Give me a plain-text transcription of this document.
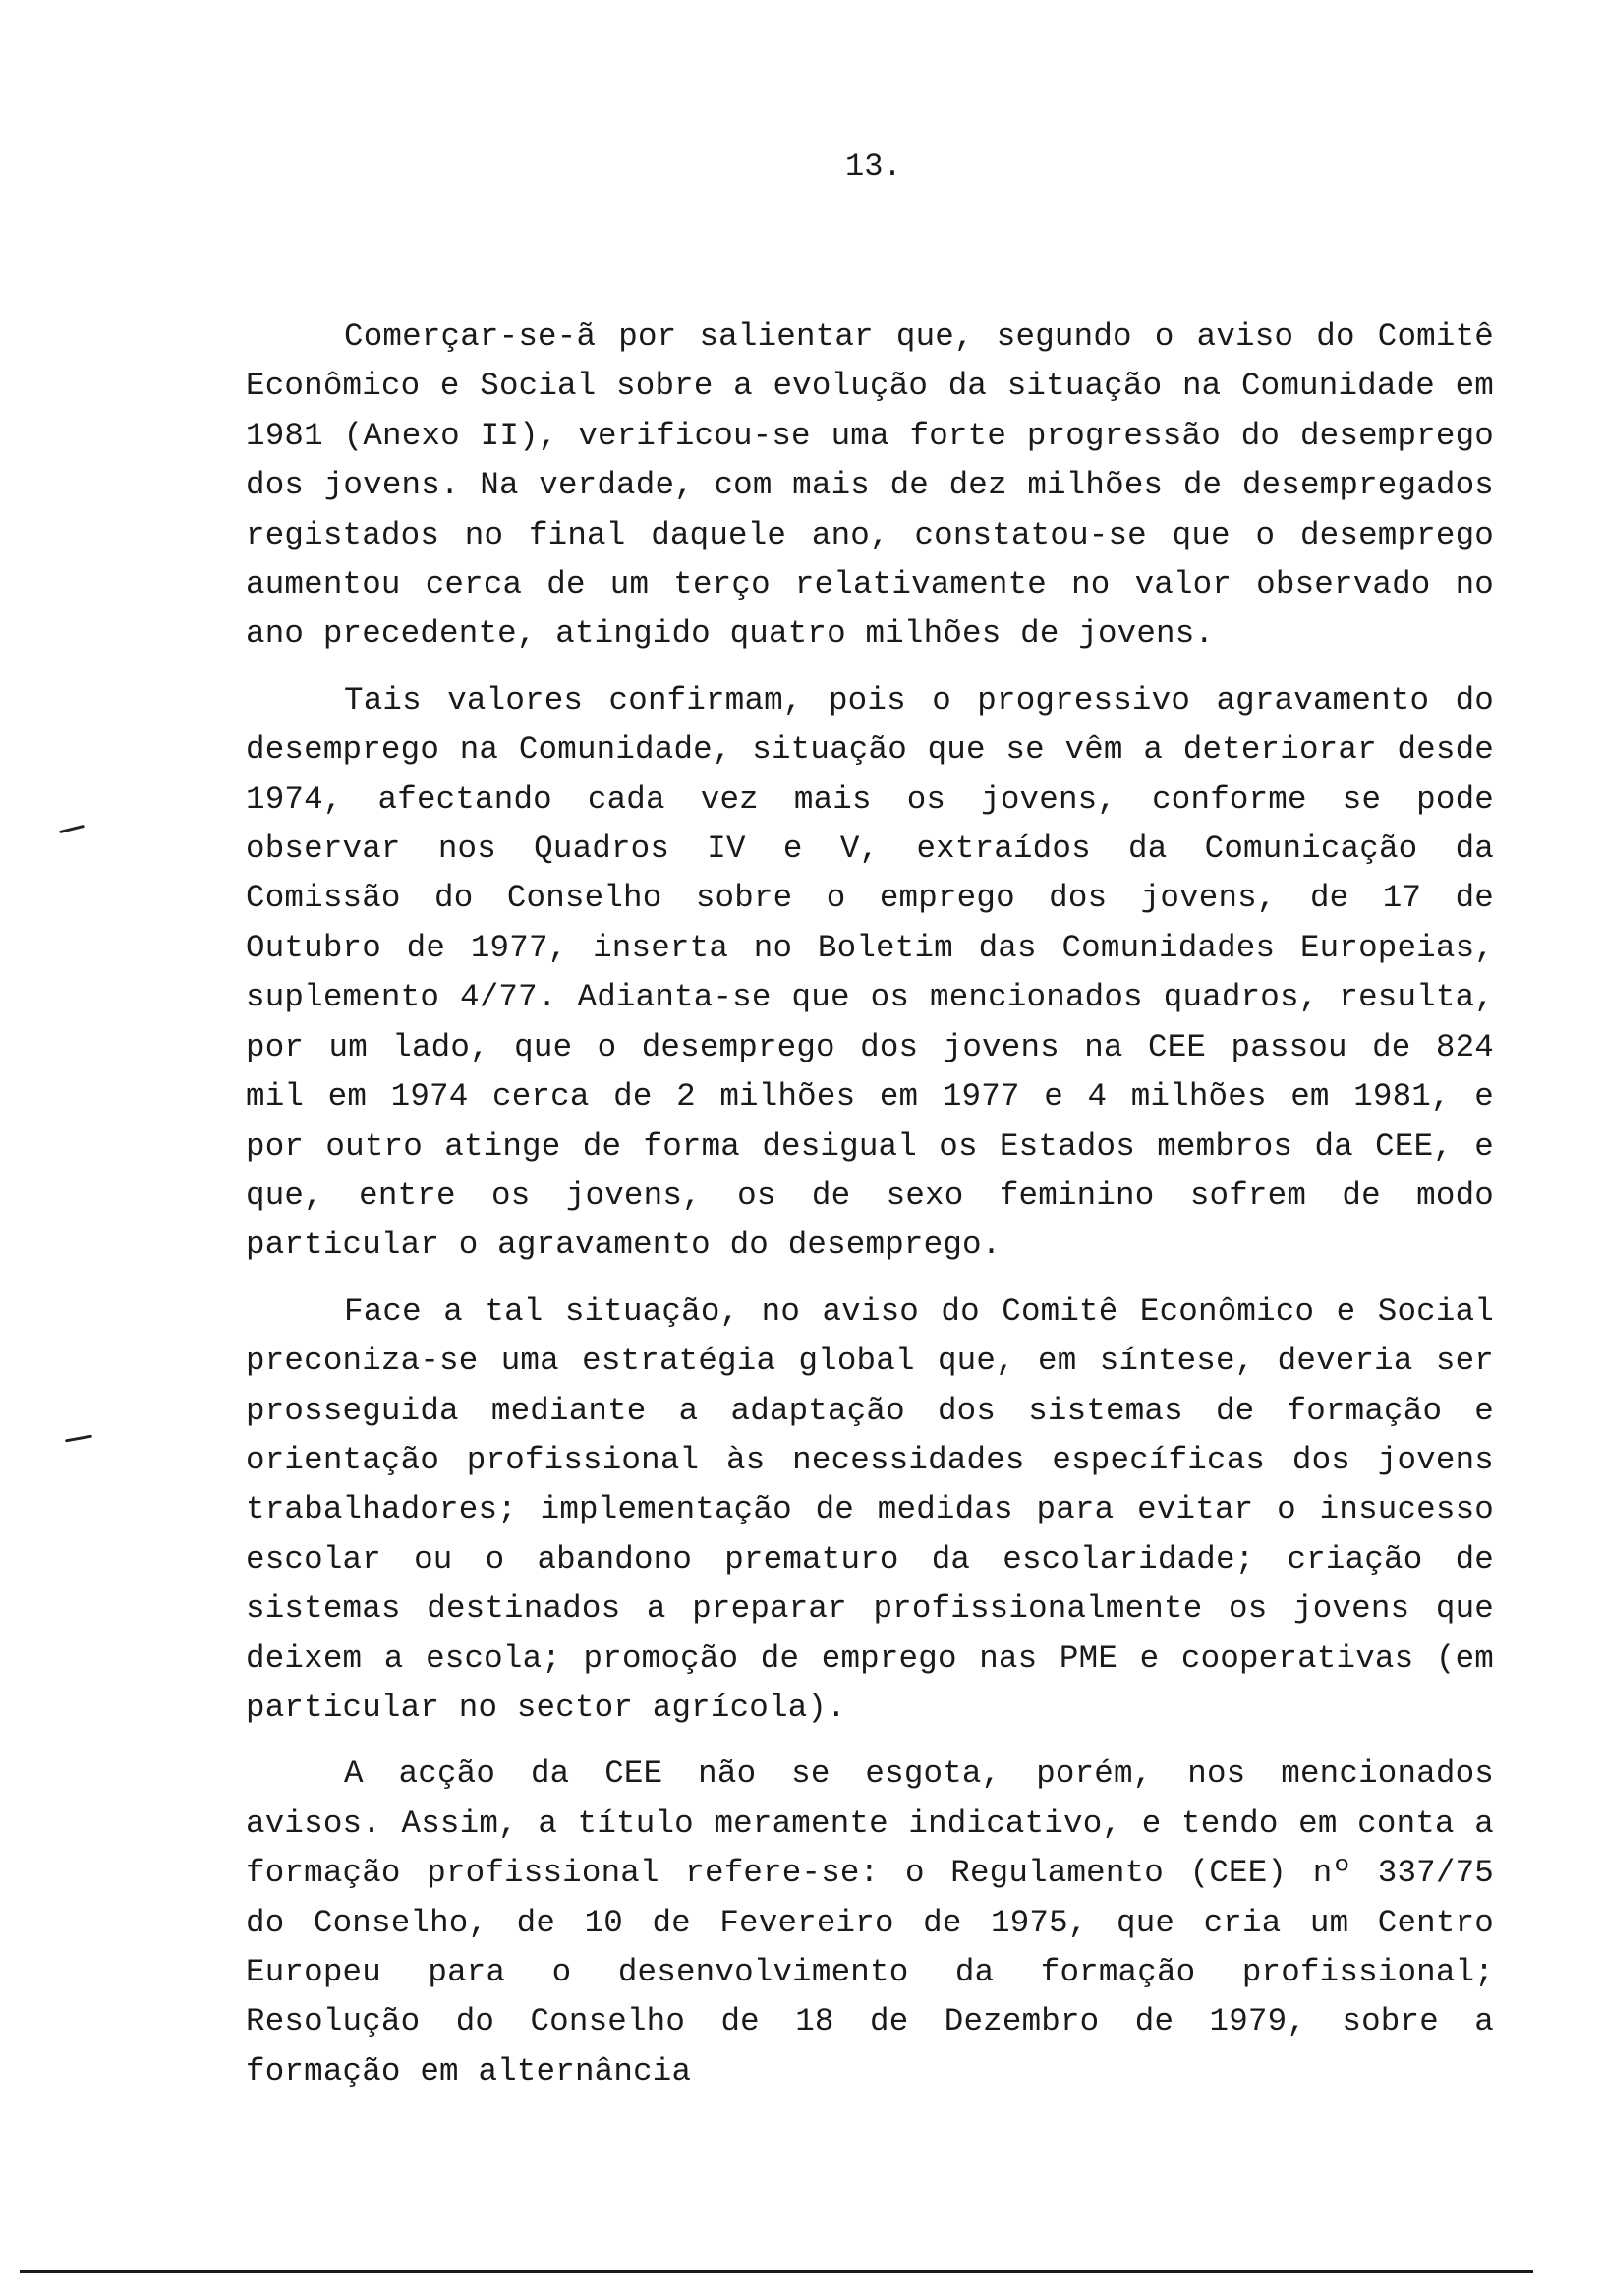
13.

Comerçar-se-ã por salientar que, segundo o aviso do Comitê Econômico e Social sobre a evolução da situação na Comunidade em 1981 (Anexo II), verificou-se uma forte progressão do desemprego dos jovens. Na verdade, com mais de dez milhões de desempregados registados no final daquele ano, constatou-se que o desemprego aumentou cerca de um terço relativamente no valor observado no ano precedente, atingido quatro milhões de jovens.

Tais valores confirmam, pois o progressivo agravamento do desemprego na Comunidade, situação que se vêm a deteriorar desde 1974, afectando cada vez mais os jovens, conforme se pode observar nos Quadros IV e V, extraídos da Comunicação da Comissão do Conselho sobre o emprego dos jovens, de 17 de Outubro de 1977, inserta no Boletim das Comunidades Europeias, suplemento 4/77. Adianta-se que os mencionados quadros, resulta, por um lado, que o desemprego dos jovens na CEE passou de 824 mil em 1974 cerca de 2 milhões em 1977 e 4 milhões em 1981, e por outro atinge de forma desigual os Estados membros da CEE, e que, entre os jovens, os de sexo feminino sofrem de modo particular o agravamento do desemprego.

Face a tal situação, no aviso do Comitê Econômico e Social preconiza-se uma estratégia global que, em síntese, deveria ser prosseguida mediante a adaptação dos sistemas de formação e orientação profissional às necessidades específicas dos jovens trabalhadores; implementação de medidas para evitar o insucesso escolar ou o abandono prematuro da escolaridade; criação de sistemas destinados a preparar profissionalmente os jovens que deixem a escola; promoção de emprego nas PME e cooperativas (em particular no sector agrícola).

A acção da CEE não se esgota, porém, nos mencionados avisos. Assim, a título meramente indicativo, e tendo em conta a formação profissional refere-se: o Regulamento (CEE) nº 337/75 do Conselho, de 10 de Fevereiro de 1975, que cria um Centro Europeu para o desenvolvimento da formação profissional; Resolução do Conselho de 18 de Dezembro de 1979, sobre a formação em alternância
